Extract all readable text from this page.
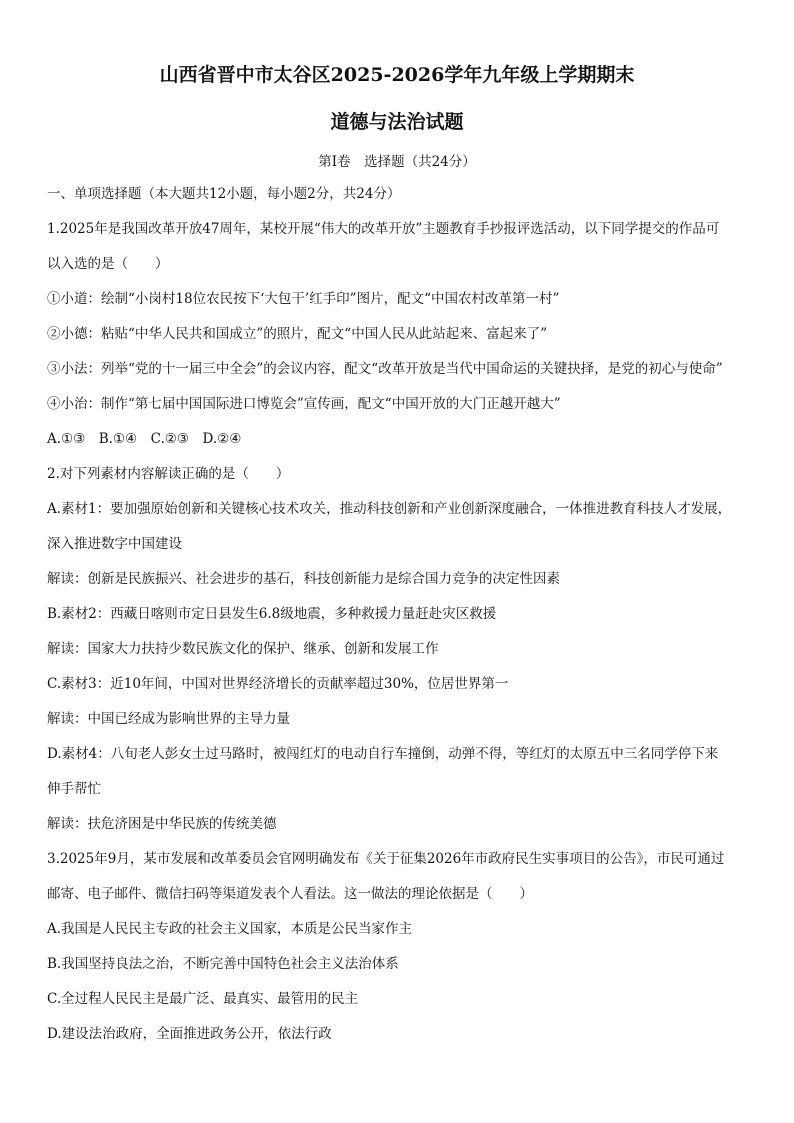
山西省晋中市太谷区2025-2026学年九年级上学期期末
道德与法治试题
第Ⅰ卷　选择题（共24分）
一、单项选择题（本大题共12小题，每小题2分，共24分）
1.2025年是我国改革开放47周年，某校开展“伟大的改革开放”主题教育手抄报评选活动，以下同学提交的作品可
以入选的是（　　）
①小道：绘制“小岗村18位农民按下‘大包干’红手印”图片，配文“中国农村改革第一村”
②小德：粘贴“中华人民共和国成立”的照片，配文“中国人民从此站起来、富起来了”
③小法：列举“党的十一届三中全会”的会议内容，配文“改革开放是当代中国命运的关键抉择，是党的初心与使命”
④小治：制作“第七届中国国际进口博览会”宣传画，配文“中国开放的大门正越开越大”
A.①③　B.①④　C.②③　D.②④
2.对下列素材内容解读正确的是（　　）
A.素材1：要加强原始创新和关键核心技术攻关，推动科技创新和产业创新深度融合，一体推进教育科技人才发展，
深入推进数字中国建设
解读：创新是民族振兴、社会进步的基石，科技创新能力是综合国力竞争的决定性因素
B.素材2：西藏日喀则市定日县发生6.8级地震，多种救援力量赶赴灾区救援
解读：国家大力扶持少数民族文化的保护、继承、创新和发展工作
C.素材3：近10年间，中国对世界经济增长的贡献率超过30%，位居世界第一
解读：中国已经成为影响世界的主导力量
D.素材4：八旬老人彭女士过马路时，被闯红灯的电动自行车撞倒，动弹不得，等红灯的太原五中三名同学停下来
伸手帮忙
解读：扶危济困是中华民族的传统美德
3.2025年9月，某市发展和改革委员会官网明确发布《关于征集2026年市政府民生实事项目的公告》，市民可通过
邮寄、电子邮件、微信扫码等渠道发表个人看法。这一做法的理论依据是（　　）
A.我国是人民民主专政的社会主义国家，本质是公民当家作主
B.我国坚持良法之治，不断完善中国特色社会主义法治体系
C.全过程人民民主是最广泛、最真实、最管用的民主
D.建设法治政府，全面推进政务公开，依法行政
